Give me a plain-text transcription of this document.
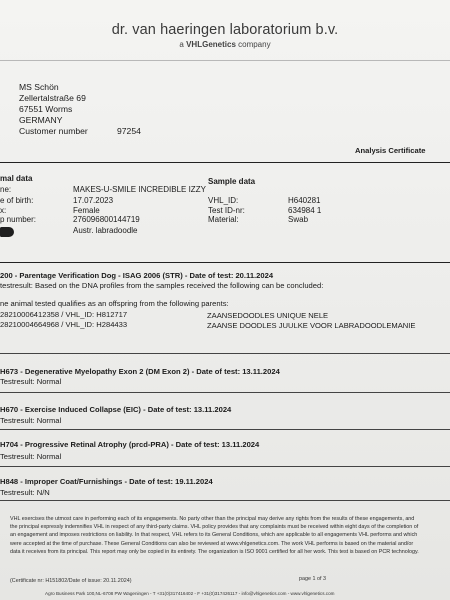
dr. van haeringen laboratorium b.v.
a VHLGenetics company
MS Schön
Zellertalstraße 69
67551 Worms
GERMANY
Customer number	97254
Analysis Certificate
mal data	Sample data
ne:	MAKES-U-SMILE INCREDIBLE IZZY
e of birth:	17.07.2023
x:	Female
p number:	276096800144719
Austr. labradoodle
VHL_ID:	H640281
Test ID-nr:	634984 1
Material:	Swab
200 - Parentage Verification Dog - ISAG 2006 (STR) - Date of test: 20.11.2024
testresult: Based on the DNA profiles from the samples received the following can be concluded:
ne animal tested qualifies as an offspring from the following parents:
28210006412358 / VHL_ID: H812717	ZAANSEDOODLES UNIQUE NELE
28210004664968 / VHL_ID: H284433	ZAANSE DOODLES JUULKE VOOR LABRADOODLEMANIE
H673 - Degenerative Myelopathy Exon 2 (DM Exon 2) - Date of test: 13.11.2024
Testresult: Normal
H670 - Exercise Induced Collapse (EIC) - Date of test: 13.11.2024
Testresult: Normal
H704 - Progressive Retinal Atrophy (prcd-PRA) - Date of test: 13.11.2024
Testresult: Normal
H848 - Improper Coat/Furnishings - Date of test: 19.11.2024
Testresult: N/N
VHL exercises the utmost care in performing each of its engagements. No party other than the principal may derive any rights from the results of these engagements, and the principal expressly indemnifies VHL in respect of any third-party claims. VHL policy provides that any complaints must be received within eight days of the completion of an engagement and imposes restrictions on liability. In that respect, VHL refers to its General Conditions, which are applicable to all engagements VHL performs and which were accepted at the time of purchase. These General Conditions can also be reviewed at www.vhlgenetics.com. The work VHL performs is based on the material and/or data it receives from its principal. This report may only be copied in its entirety. The organization is ISO 9001 certified for all her work. This test is based on PCR technology.
(Certificate nr: H151802/Date of issue: 20.11.2024)	page 1 of 3
Agro Business Park 100,NL-6708 PW Wageningen - T +31(0)317416402 - F +31(0)317426117 - info@vhlgenetics.com - www.vhlgenetics.com
